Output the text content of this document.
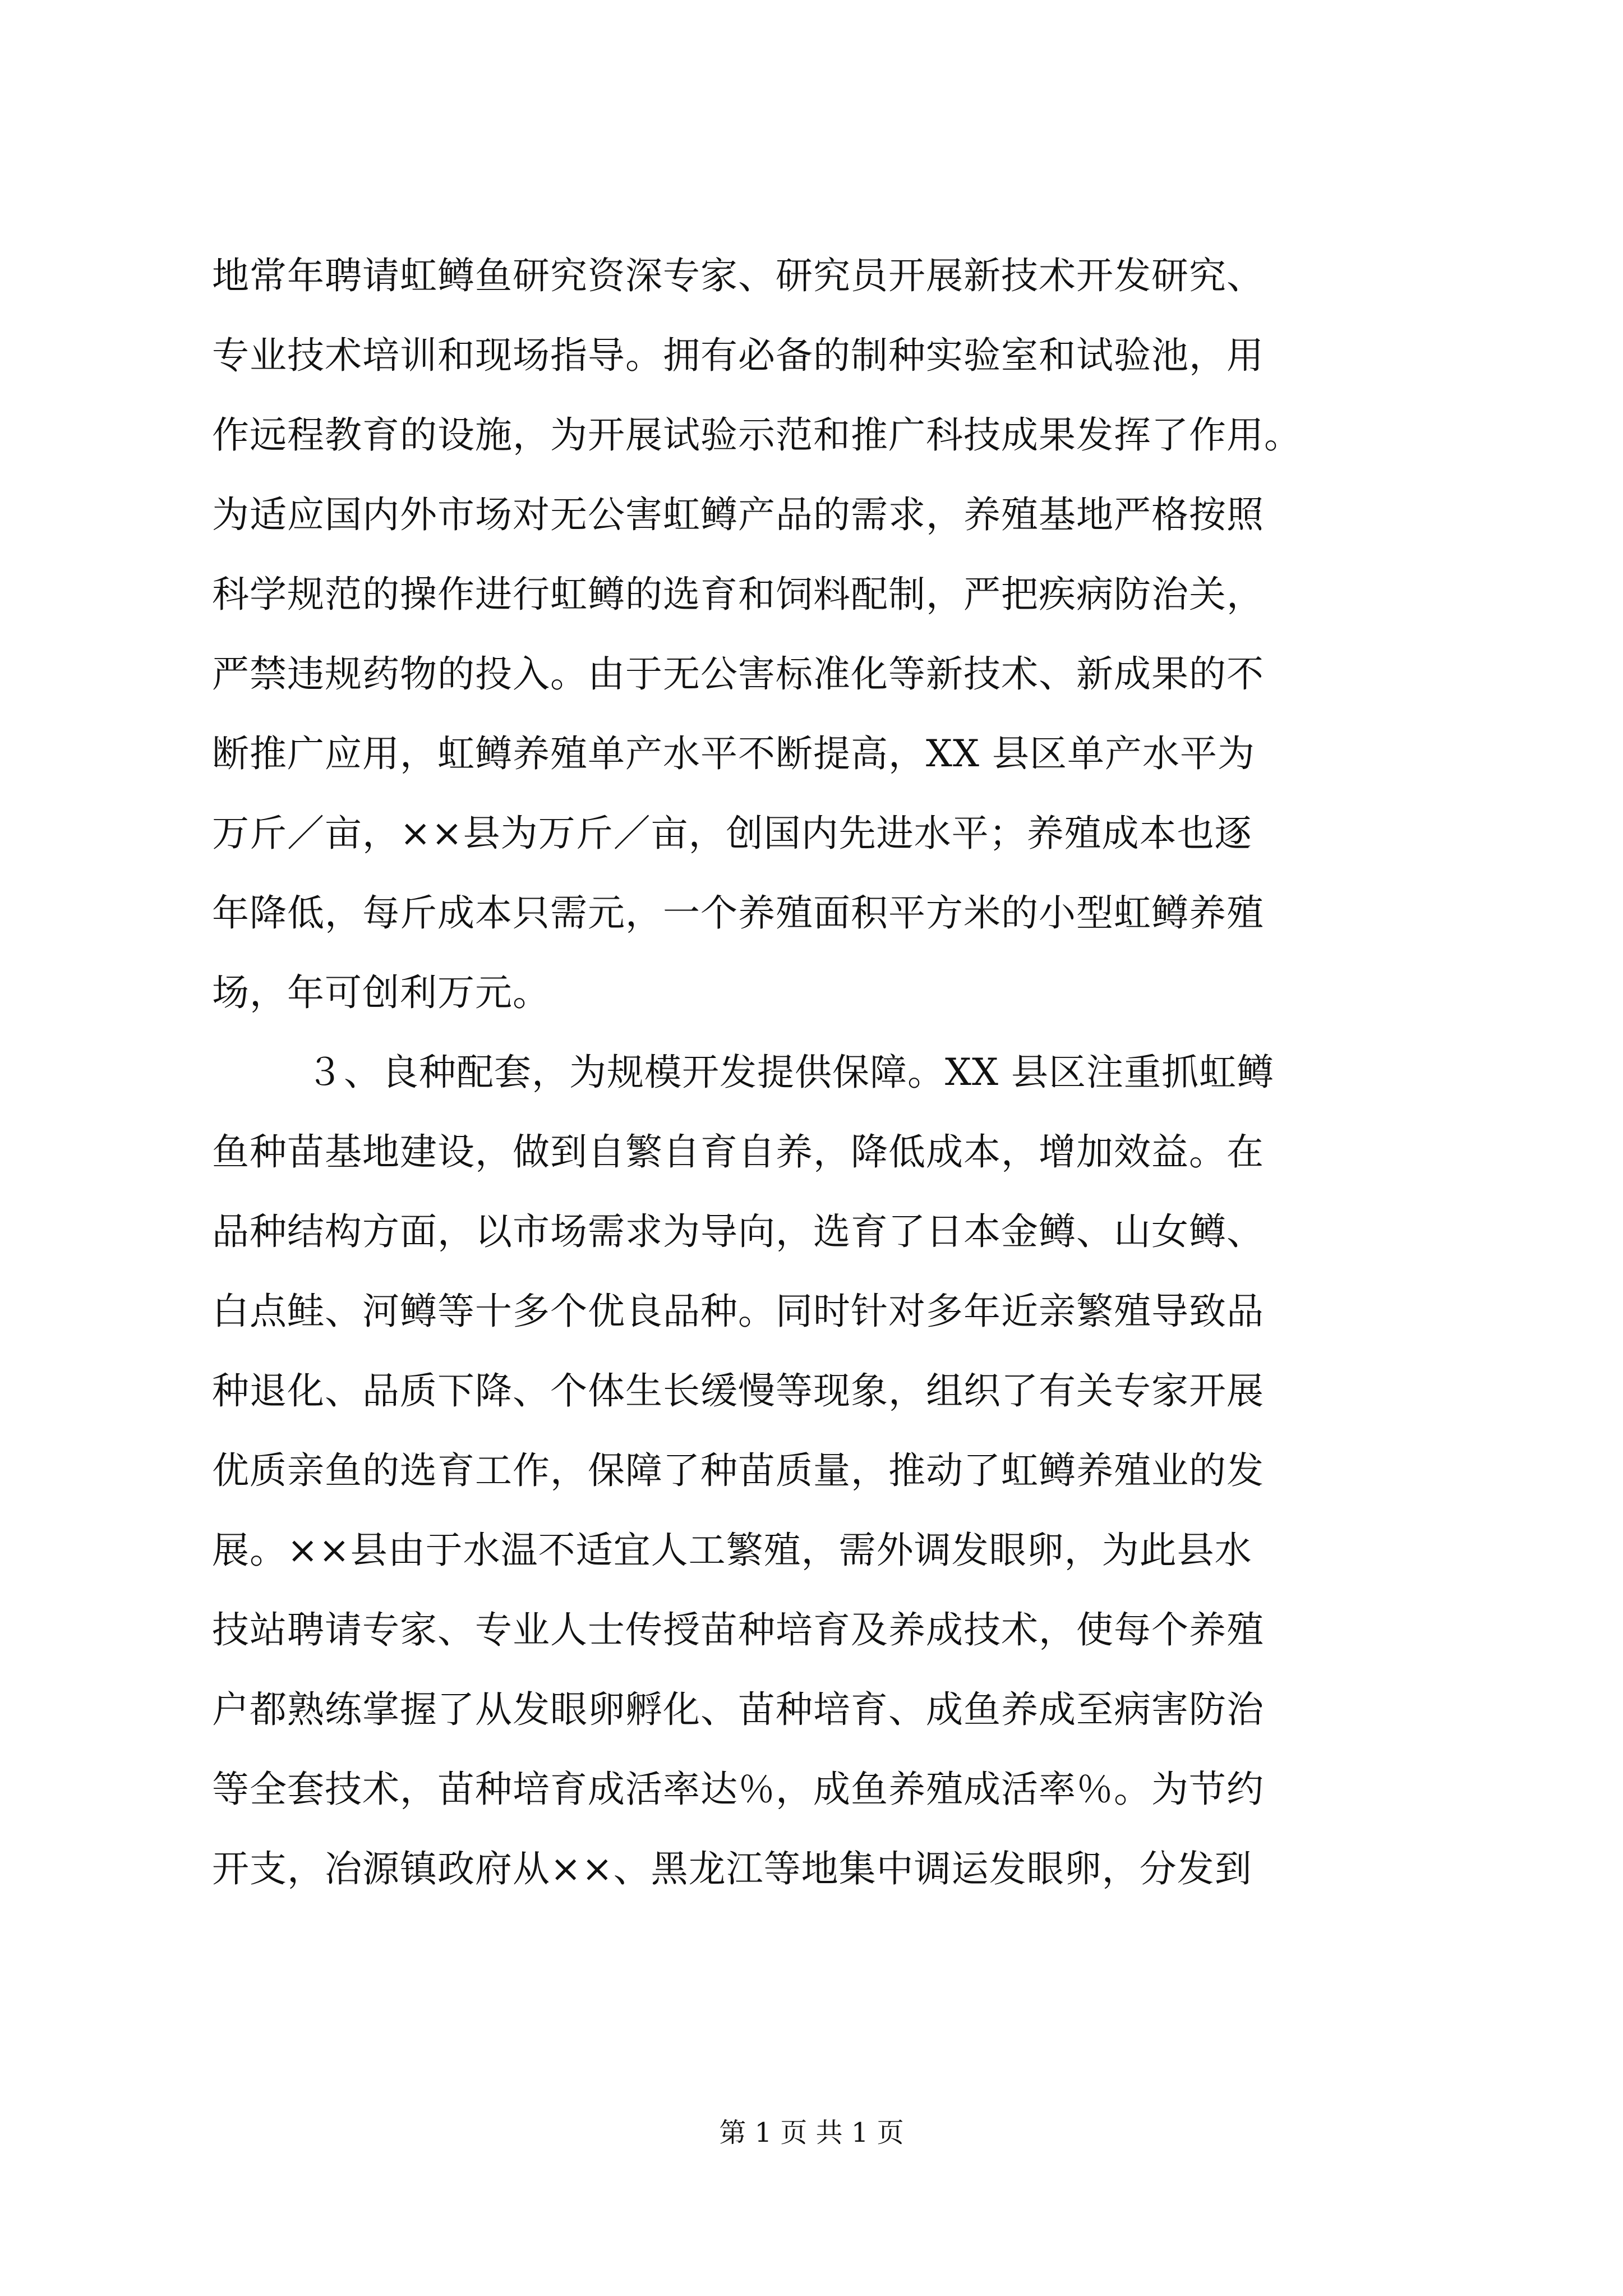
地常年聘请虹鳟鱼研究资深专家、研究员开展新技术开发研究、
专业技术培训和现场指导。拥有必备的制种实验室和试验池，用
作远程教育的设施，为开展试验示范和推广科技成果发挥了作用。
为适应国内外市场对无公害虹鳟产品的需求，养殖基地严格按照
科学规范的操作进行虹鳟的选育和饲料配制，严把疾病防治关，
严禁违规药物的投入。由于无公害标准化等新技术、新成果的不
断推广应用，虹鳟养殖单产水平不断提高，XX 县区单产水平为
万斤／亩，××县为万斤／亩，创国内先进水平；养殖成本也逐
年降低，每斤成本只需元，一个养殖面积平方米的小型虹鳟养殖
场，年可创利万元。
３、良种配套，为规模开发提供保障。XX 县区注重抓虹鳟
鱼种苗基地建设，做到自繁自育自养，降低成本，增加效益。在
品种结构方面，以市场需求为导向，选育了日本金鳟、山女鳟、
白点鲑、河鳟等十多个优良品种。同时针对多年近亲繁殖导致品
种退化、品质下降、个体生长缓慢等现象，组织了有关专家开展
优质亲鱼的选育工作，保障了种苗质量，推动了虹鳟养殖业的发
展。××县由于水温不适宜人工繁殖，需外调发眼卵，为此县水
技站聘请专家、专业人士传授苗种培育及养成技术，使每个养殖
户都熟练掌握了从发眼卵孵化、苗种培育、成鱼养成至病害防治
等全套技术，苗种培育成活率达％，成鱼养殖成活率％。为节约
开支，冶源镇政府从××、黑龙江等地集中调运发眼卵，分发到
第 1 页 共 1 页
